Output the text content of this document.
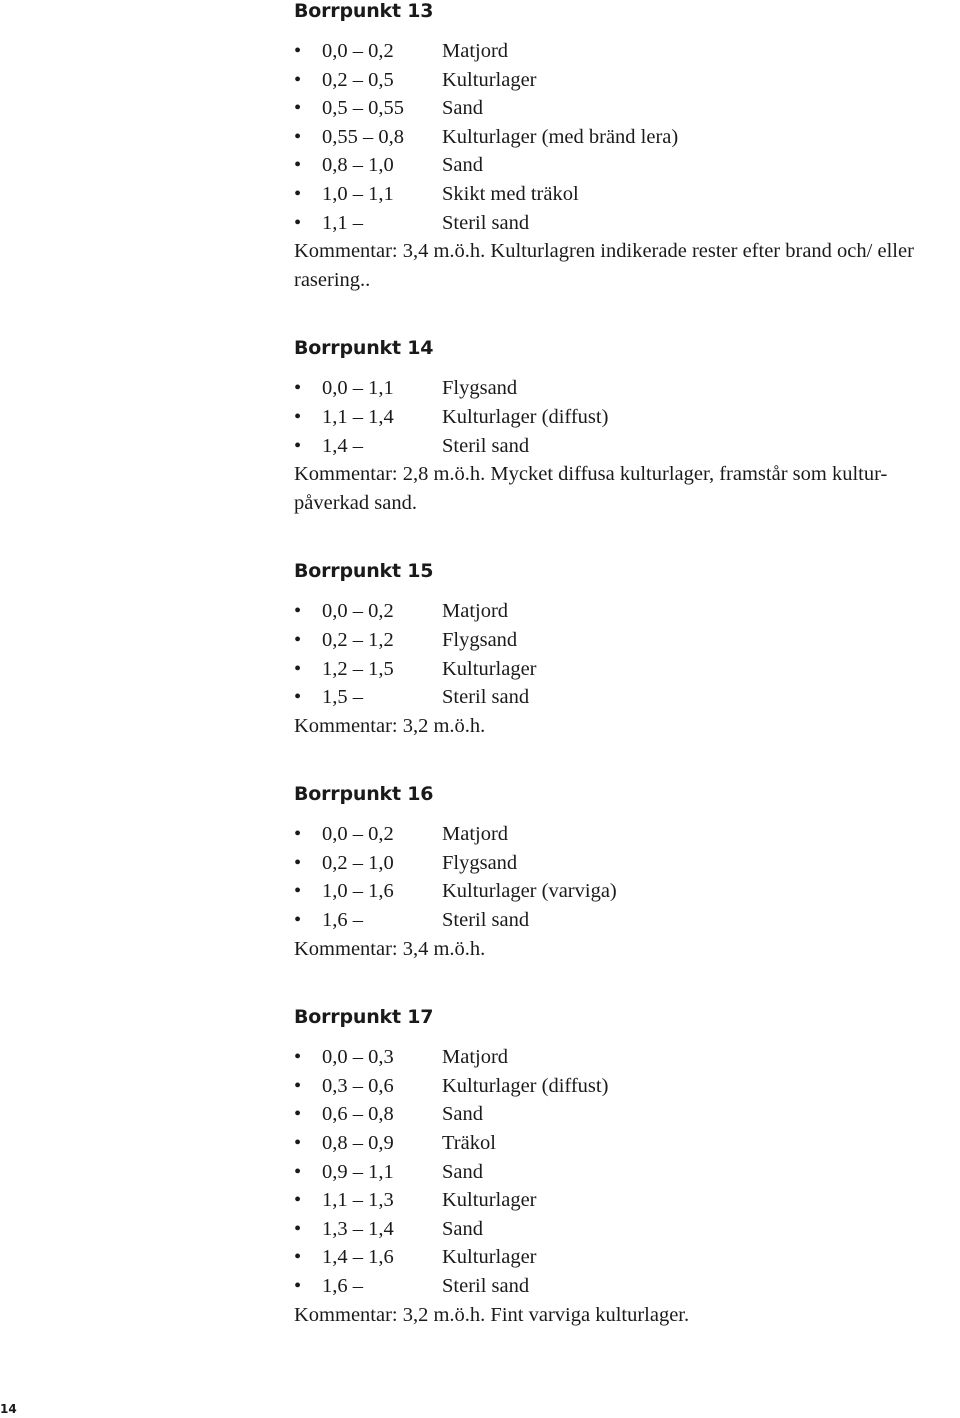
Borrpunkt 13
•	0,0 – 0,2	Matjord
•	0,2 – 0,5	Kulturlager
•	0,5 – 0,55	Sand
•	0,55 – 0,8	Kulturlager (med bränd lera)
•	0,8 – 1,0	Sand
•	1,0 – 1,1	Skikt med träkol
•	1,1 –	Steril sand

Kommentar: 3,4 m.ö.h. Kulturlagren indikerade rester efter brand och/ eller rasering..

Borrpunkt 14
•	0,0 – 1,1	Flygsand
•	1,1 – 1,4	Kulturlager (diffust)
•	1,4 –	Steril sand

Kommentar: 2,8 m.ö.h. Mycket diffusa kulturlager, framstår som kultur-påverkad sand.

Borrpunkt 15
•	0,0 – 0,2	Matjord
•	0,2 – 1,2	Flygsand
•	1,2 – 1,5	Kulturlager
•	1,5 –	Steril sand

Kommentar: 3,2 m.ö.h.

Borrpunkt 16
•	0,0 – 0,2	Matjord
•	0,2 – 1,0	Flygsand
•	1,0 – 1,6	Kulturlager (varviga)
•	1,6 –	Steril sand

Kommentar: 3,4 m.ö.h.

Borrpunkt 17
•	0,0 – 0,3	Matjord
•	0,3 – 0,6	Kulturlager (diffust)
•	0,6 – 0,8	Sand
•	0,8 – 0,9	Träkol
•	0,9 – 1,1	Sand
•	1,1 – 1,3	Kulturlager
•	1,3 – 1,4	Sand
•	1,4 – 1,6	Kulturlager
•	1,6 –	Steril sand

Kommentar: 3,2 m.ö.h. Fint varviga kulturlager.

14
